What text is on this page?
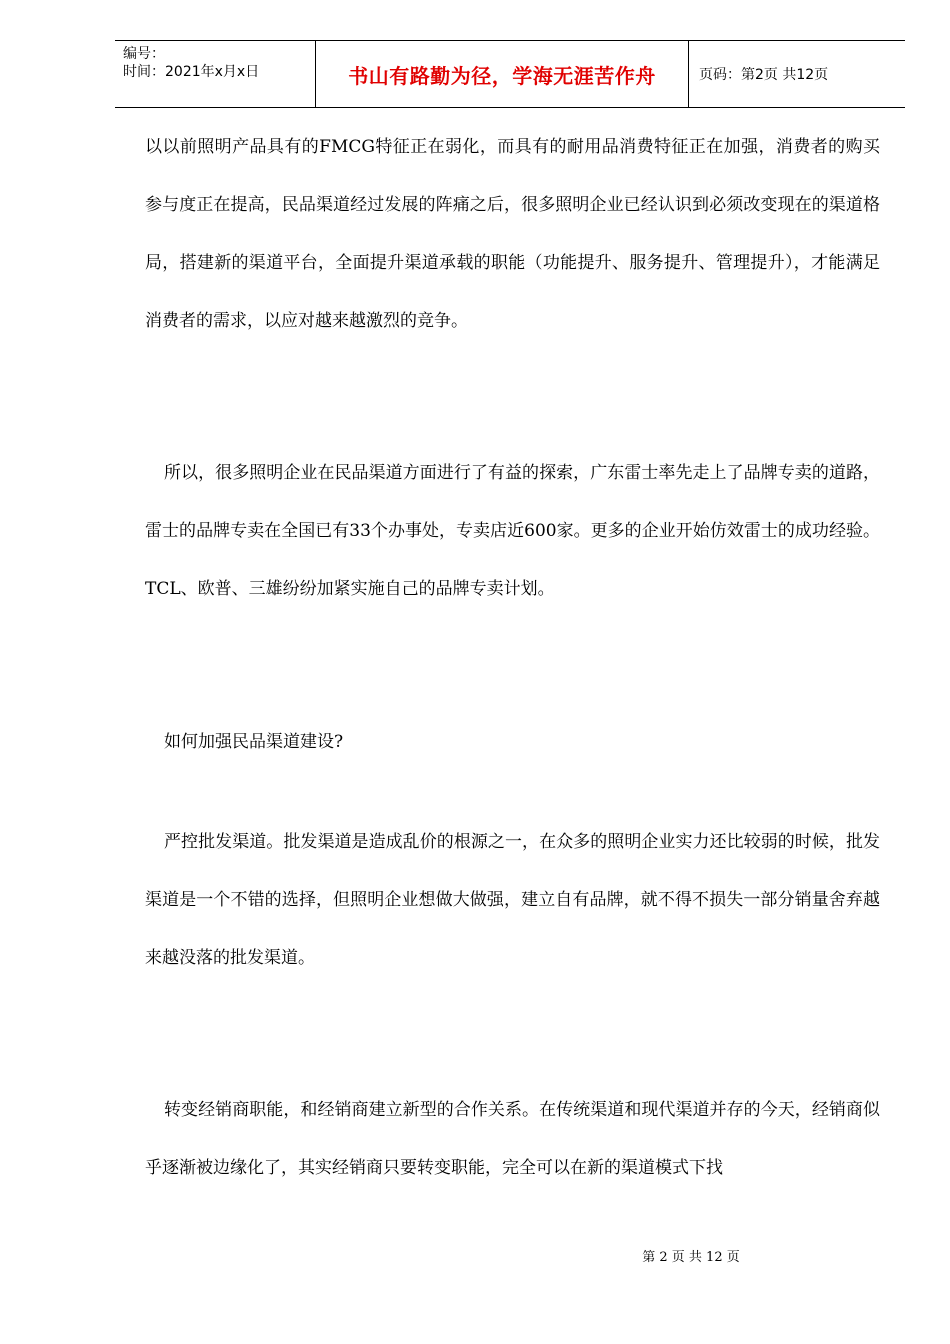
编号：
时间：2021年x月x日	书山有路勤为径，学海无涯苦作舟	页码：第2页 共12页

以以前照明产品具有的FMCG特征正在弱化，而具有的耐用品消费特征正在加强，消费者的购买参与度正在提高，民品渠道经过发展的阵痛之后，很多照明企业已经认识到必须改变现在的渠道格局，搭建新的渠道平台，全面提升渠道承载的职能（功能提升、服务提升、管理提升），才能满足消费者的需求，以应对越来越激烈的竞争。

所以，很多照明企业在民品渠道方面进行了有益的探索，广东雷士率先走上了品牌专卖的道路，雷士的品牌专卖在全国已有33个办事处，专卖店近600家。更多的企业开始仿效雷士的成功经验。TCL、欧普、三雄纷纷加紧实施自己的品牌专卖计划。

如何加强民品渠道建设?

严控批发渠道。批发渠道是造成乱价的根源之一，在众多的照明企业实力还比较弱的时候，批发渠道是一个不错的选择，但照明企业想做大做强，建立自有品牌，就不得不损失一部分销量舍弃越来越没落的批发渠道。

转变经销商职能，和经销商建立新型的合作关系。在传统渠道和现代渠道并存的今天，经销商似乎逐渐被边缘化了，其实经销商只要转变职能，完全可以在新的渠道模式下找

第 2 页 共 12 页
